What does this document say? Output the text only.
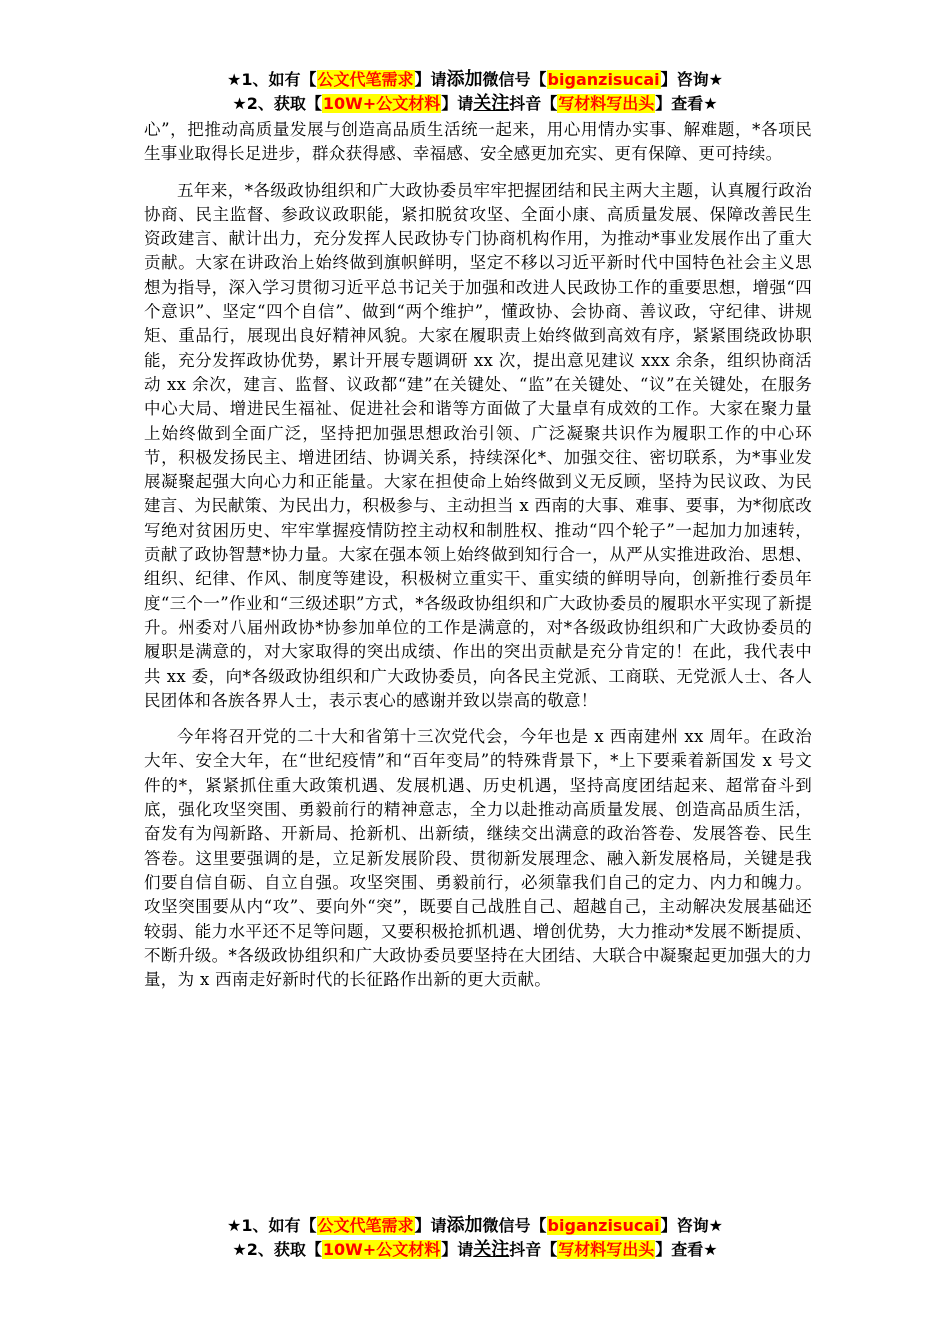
★1、如有【公文代笔需求】请添加微信号【biganzisucai】咨询★
★2、获取【10W+公文材料】请关注抖音【写材料写出头】查看★

心”，把推动高质量发展与创造高品质生活统一起来，用心用情办实事、解难题，*各项民生事业取得长足进步，群众获得感、幸福感、安全感更加充实、更有保障、更可持续。

五年来，*各级政协组织和广大政协委员牢牢把握团结和民主两大主题，认真履行政治协商、民主监督、参政议政职能，紧扣脱贫攻坚、全面小康、高质量发展、保障改善民生资政建言、献计出力，充分发挥人民政协专门协商机构作用，为推动*事业发展作出了重大贡献。大家在讲政治上始终做到旗帜鲜明，坚定不移以习近平新时代中国特色社会主义思想为指导，深入学习贯彻习近平总书记关于加强和改进人民政协工作的重要思想，增强“四个意识”、坚定“四个自信”、做到“两个维护”，懂政协、会协商、善议政，守纪律、讲规矩、重品行，展现出良好精神风貌。大家在履职责上始终做到高效有序，紧紧围绕政协职能，充分发挥政协优势，累计开展专题调研 xx 次，提出意见建议 xxx 余条，组织协商活动 xx 余次，建言、监督、议政都“建”在关键处、“监”在关键处、“议”在关键处，在服务中心大局、增进民生福祉、促进社会和谐等方面做了大量卓有成效的工作。大家在聚力量上始终做到全面广泛，坚持把加强思想政治引领、广泛凝聚共识作为履职工作的中心环节，积极发扬民主、增进团结、协调关系，持续深化*、加强交往、密切联系，为*事业发展凝聚起强大向心力和正能量。大家在担使命上始终做到义无反顾，坚持为民议政、为民建言、为民献策、为民出力，积极参与、主动担当 x 西南的大事、难事、要事，为*彻底改写绝对贫困历史、牢牢掌握疫情防控主动权和制胜权、推动“四个轮子”一起加力加速转，贡献了政协智慧*协力量。大家在强本领上始终做到知行合一，从严从实推进政治、思想、组织、纪律、作风、制度等建设，积极树立重实干、重实绩的鲜明导向，创新推行委员年度“三个一”作业和“三级述职”方式，*各级政协组织和广大政协委员的履职水平实现了新提升。州委对八届州政协*协参加单位的工作是满意的，对*各级政协组织和广大政协委员的履职是满意的，对大家取得的突出成绩、作出的突出贡献是充分肯定的！在此，我代表中共 xx 委，向*各级政协组织和广大政协委员，向各民主党派、工商联、无党派人士、各人民团体和各族各界人士，表示衷心的感谢并致以崇高的敬意！

今年将召开党的二十大和省第十三次党代会，今年也是 x 西南建州 xx 周年。在政治大年、安全大年，在“世纪疫情”和“百年变局”的特殊背景下，*上下要乘着新国发 x 号文件的*，紧紧抓住重大政策机遇、发展机遇、历史机遇，坚持高度团结起来、超常奋斗到底，强化攻坚突围、勇毅前行的精神意志，全力以赴推动高质量发展、创造高品质生活，奋发有为闯新路、开新局、抢新机、出新绩，继续交出满意的政治答卷、发展答卷、民生答卷。这里要强调的是，立足新发展阶段、贯彻新发展理念、融入新发展格局，关键是我们要自信自砺、自立自强。攻坚突围、勇毅前行，必须靠我们自己的定力、内力和魄力。攻坚突围要从内“攻”、要向外“突”，既要自己战胜自己、超越自己，主动解决发展基础还较弱、能力水平还不足等问题，又要积极抢抓机遇、增创优势，大力推动*发展不断提质、不断升级。*各级政协组织和广大政协委员要坚持在大团结、大联合中凝聚起更加强大的力量，为 x 西南走好新时代的长征路作出新的更大贡献。

★1、如有【公文代笔需求】请添加微信号【biganzisucai】咨询★
★2、获取【10W+公文材料】请关注抖音【写材料写出头】查看★
